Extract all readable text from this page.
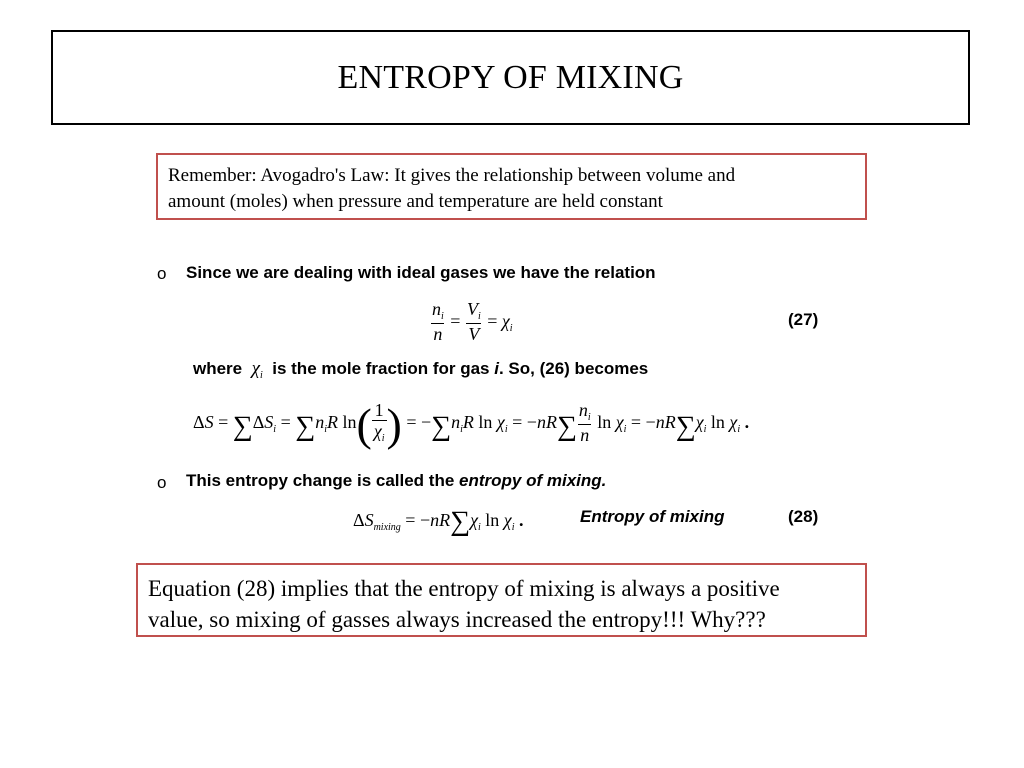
ENTROPY OF MIXING
Remember: Avogadro's Law: It gives the relationship between volume and
amount (moles) when pressure and temperature are held constant
o Since we are dealing with ideal gases we have the relation
$\frac{n_i}{n} = \frac{V_i}{V} = \chi_i$	(27)
where  $\chi_i$ is the mole fraction for gas i. So, (26) becomes
$\Delta S = \sum\Delta S_i = \sum n_iR$ $\ln( \frac{1}{\chi_i}$ ) = $-\sum n_iR$ $\ln \chi_i = -nR\sum \frac{n_i}{n}$ $\ln \chi_i = -nR\sum\chi_i$ $\ln \chi_i$ .
o This entropy change is called the entropy of mixing.
$\Delta S_{mixing} = -nR\sum\chi_i$ $\ln \chi_i$ .	Entropy of mixing	(28)
Equation (28) implies that the entropy of mixing is always a positive
value, so mixing of gasses always increased the entropy!!! Why???
